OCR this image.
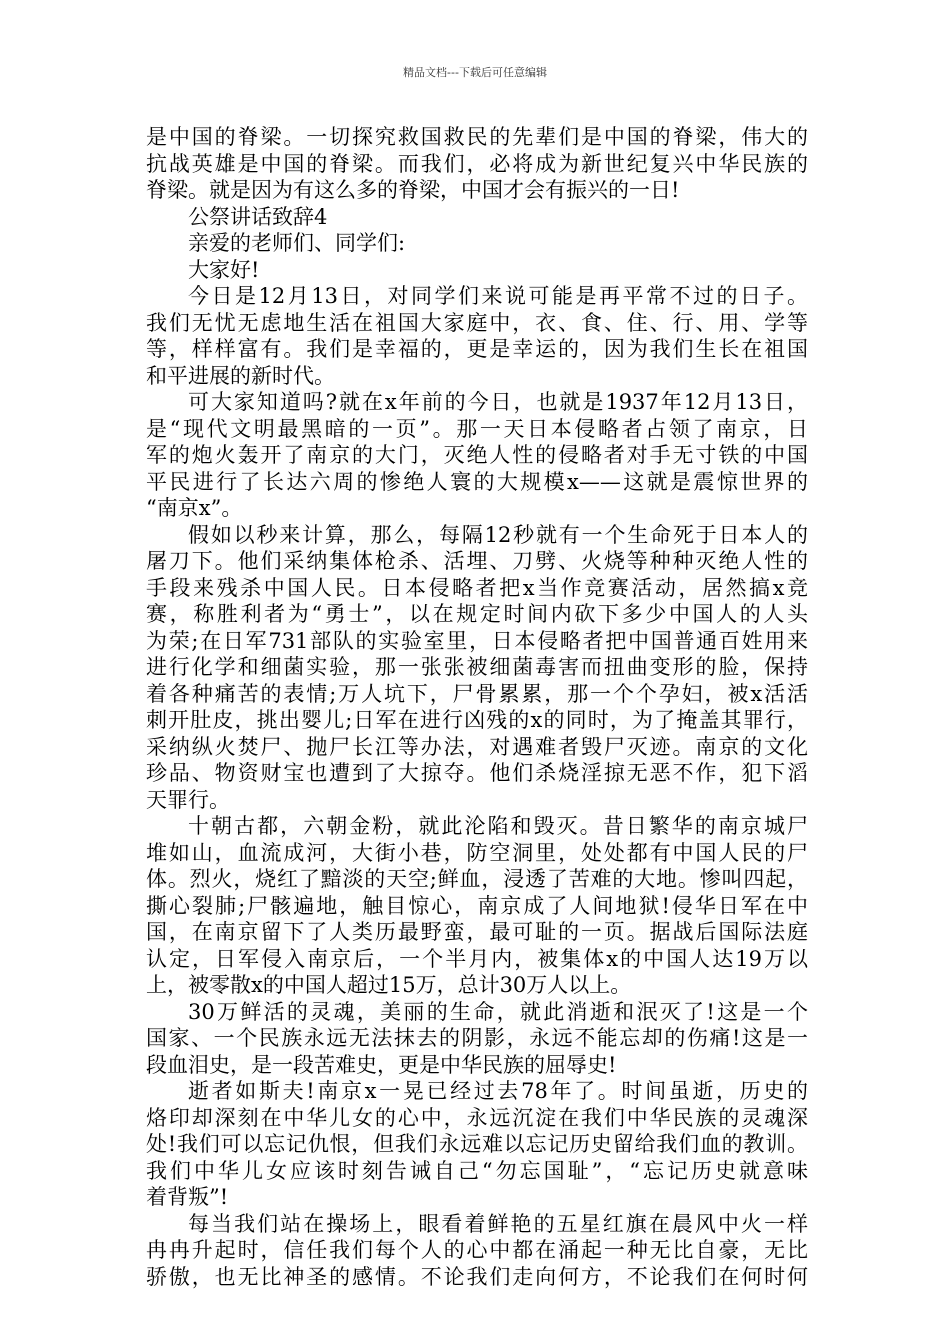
精品文档---下载后可任意编辑
是中国的脊梁。一切探究救国救民的先辈们是中国的脊梁，伟大的
抗战英雄是中国的脊梁。而我们，必将成为新世纪复兴中华民族的
脊梁。就是因为有这么多的脊梁，中国才会有振兴的一日!
公祭讲话致辞4
亲爱的老师们、同学们:
大家好!
今日是12月13日，对同学们来说可能是再平常不过的日子。
我们无忧无虑地生活在祖国大家庭中，衣、食、住、行、用、学等
等，样样富有。我们是幸福的，更是幸运的，因为我们生长在祖国
和平进展的新时代。
可大家知道吗?就在x年前的今日，也就是1937年12月13日，
是“现代文明最黑暗的一页”。那一天日本侵略者占领了南京，日
军的炮火轰开了南京的大门，灭绝人性的侵略者对手无寸铁的中国
平民进行了长达六周的惨绝人寰的大规模x——这就是震惊世界的
“南京x”。
假如以秒来计算，那么，每隔12秒就有一个生命死于日本人的
屠刀下。他们采纳集体枪杀、活埋、刀劈、火烧等种种灭绝人性的
手段来残杀中国人民。日本侵略者把x当作竞赛活动，居然搞x竞
赛，称胜利者为“勇士”，以在规定时间内砍下多少中国人的人头
为荣;在日军731部队的实验室里，日本侵略者把中国普通百姓用来
进行化学和细菌实验，那一张张被细菌毒害而扭曲变形的脸，保持
着各种痛苦的表情;万人坑下，尸骨累累，那一个个孕妇，被x活活
刺开肚皮，挑出婴儿;日军在进行凶残的x的同时，为了掩盖其罪行，
采纳纵火焚尸、抛尸长江等办法，对遇难者毁尸灭迹。南京的文化
珍品、物资财宝也遭到了大掠夺。他们杀烧淫掠无恶不作，犯下滔
天罪行。
十朝古都，六朝金粉，就此沦陷和毁灭。昔日繁华的南京城尸
堆如山，血流成河，大街小巷，防空洞里，处处都有中国人民的尸
体。烈火，烧红了黯淡的天空;鲜血，浸透了苦难的大地。惨叫四起，
撕心裂肺;尸骸遍地，触目惊心，南京成了人间地狱!侵华日军在中
国，在南京留下了人类历最野蛮，最可耻的一页。据战后国际法庭
认定，日军侵入南京后，一个半月内，被集体x的中国人达19万以
上，被零散x的中国人超过15万，总计30万人以上。
30万鲜活的灵魂，美丽的生命，就此消逝和泯灭了!这是一个
国家、一个民族永远无法抹去的阴影，永远不能忘却的伤痛!这是一
段血泪史，是一段苦难史，更是中华民族的屈辱史!
逝者如斯夫!南京x一晃已经过去78年了。时间虽逝，历史的
烙印却深刻在中华儿女的心中，永远沉淀在我们中华民族的灵魂深
处!我们可以忘记仇恨，但我们永远难以忘记历史留给我们血的教训。
我们中华儿女应该时刻告诫自己“勿忘国耻”，“忘记历史就意味
着背叛”!
每当我们站在操场上，眼看着鲜艳的五星红旗在晨风中火一样
冉冉升起时，信任我们每个人的心中都在涌起一种无比自豪，无比
骄傲，也无比神圣的感情。不论我们走向何方，不论我们在何时何
